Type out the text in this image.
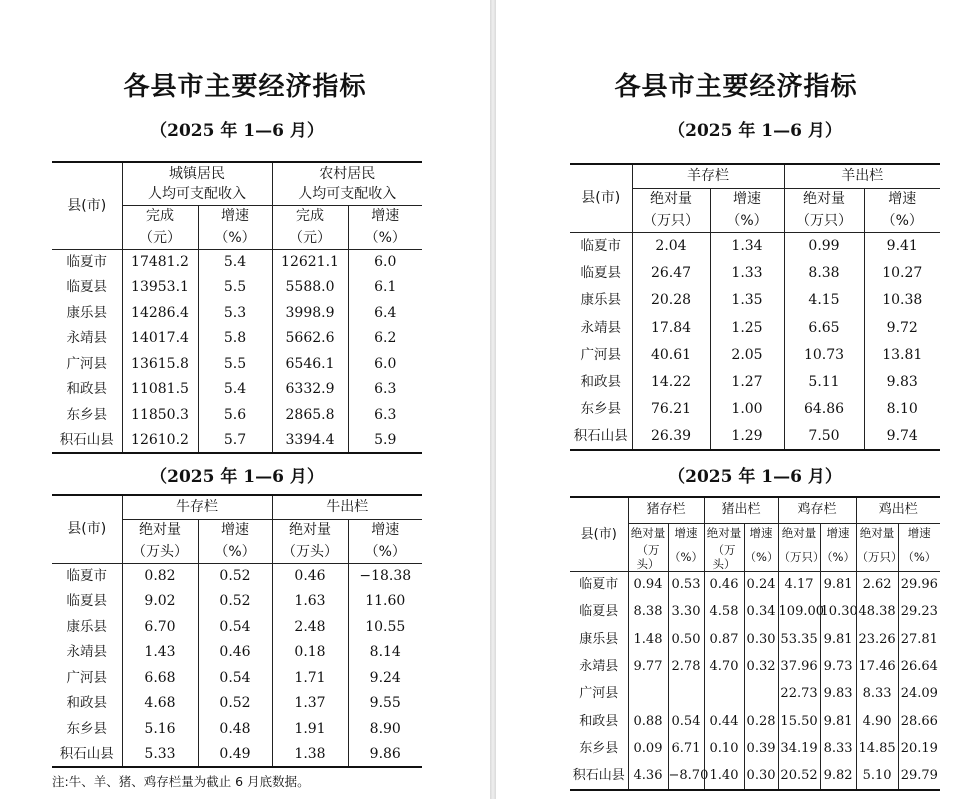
各县市主要经济指标
（2025 年 1—6 月）
县(市)	城镇居民		农村居民	
	人均可支配收入		人均可支配收入	
	完成	增速	完成	增速
	（元）	（%）	（元）	（%）
临夏市	17481.2	5.4	12621.1	6.0
临夏县	13953.1	5.5	5588.0	6.1
康乐县	14286.4	5.3	3998.9	6.4
永靖县	14017.4	5.8	5662.6	6.2
广河县	13615.8	5.5	6546.1	6.0
和政县	11081.5	5.4	6332.9	6.3
东乡县	11850.3	5.6	2865.8	6.3
积石山县	12610.2	5.7	3394.4	5.9
（2025 年 1—6 月）
县(市)	牛存栏		牛出栏	
	绝对量	增速	绝对量	增速
	（万头）	（%）	（万头）	（%）
临夏市	0.82	0.52	0.46	−18.38
临夏县	9.02	0.52	1.63	11.60
康乐县	6.70	0.54	2.48	10.55
永靖县	1.43	0.46	0.18	8.14
广河县	6.68	0.54	1.71	9.24
和政县	4.68	0.52	1.37	9.55
东乡县	5.16	0.48	1.91	8.90
积石山县	5.33	0.49	1.38	9.86
注:牛、羊、猪、鸡存栏量为截止 6 月底数据。
各县市主要经济指标
（2025 年 1—6 月）
县(市)	羊存栏		羊出栏	
	绝对量	增速	绝对量	增速
	（万只）	（%）	（万只）	（%）
临夏市	2.04	1.34	0.99	9.41
临夏县	26.47	1.33	8.38	10.27
康乐县	20.28	1.35	4.15	10.38
永靖县	17.84	1.25	6.65	9.72
广河县	40.61	2.05	10.73	13.81
和政县	14.22	1.27	5.11	9.83
东乡县	76.21	1.00	64.86	8.10
积石山县	26.39	1.29	7.50	9.74
（2025 年 1—6 月）
县(市)	猪存栏		猪出栏		鸡存栏		鸡出栏	
	绝对量	增速	绝对量	增速	绝对量	增速	绝对量	增速
	（万头）	（%）	（万头）	（%）	（万只）	（%）	（万只）	（%）
临夏市	0.94	0.53	0.46	0.24	4.17	9.81	2.62	29.96
临夏县	8.38	3.30	4.58	0.34	109.00	10.30	48.38	29.23
康乐县	1.48	0.50	0.87	0.30	53.35	9.81	23.26	27.81
永靖县	9.77	2.78	4.70	0.32	37.96	9.73	17.46	26.64
广河县					22.73	9.83	8.33	24.09
和政县	0.88	0.54	0.44	0.28	15.50	9.81	4.90	28.66
东乡县	0.09	6.71	0.10	0.39	34.19	8.33	14.85	20.19
积石山县	4.36	−8.70	1.40	0.30	20.52	9.82	5.10	29.79
